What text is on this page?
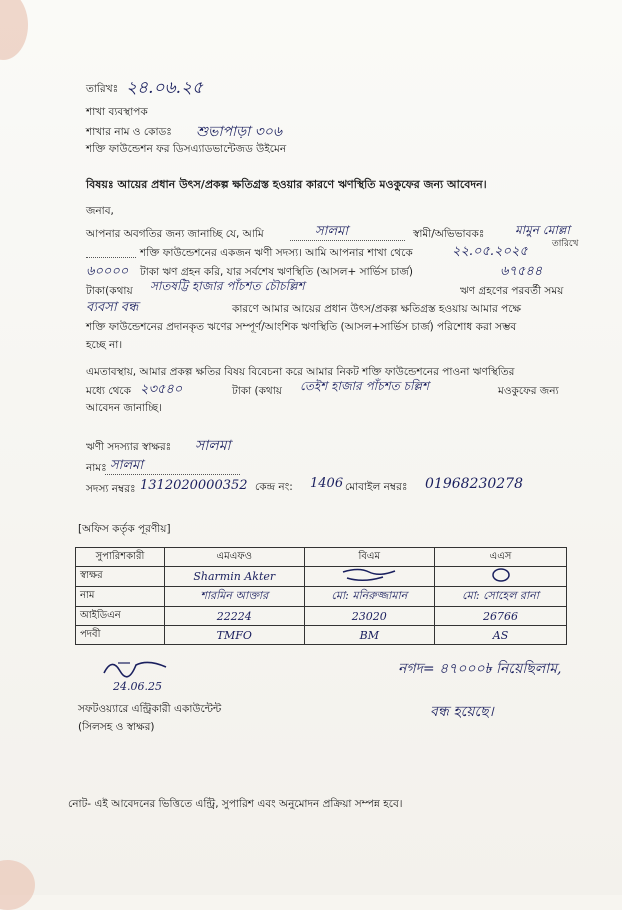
তারিখঃ ২৪.০৬.২৫
শাখা ব্যবস্থাপক
শাখার নাম ও কোডঃ শুভাপাড়া ৩০৬
শক্তি ফাউন্ডেশন ফর ডিসএ্যাডভান্টেজড উইমেন
বিষয়ঃ আয়ের প্রধান উৎস/প্রকল্প ক্ষতিগ্রস্ত হওয়ার কারণে ঋণস্থিতি মওকুফের জন্য আবেদন।
জনাব,
আপনার অবগতির জন্য জানাচ্ছি যে, আমি	সালমা	স্বামী/অভিভাবকঃ	মামুন মোল্লা
শক্তি ফাউন্ডেশনের একজন ঋণী সদস্য। আমি আপনার শাখা থেকে	২২.০৫.২০২৫	তারিখে
৬০০০০ টাকা ঋণ গ্রহন করি, যার সর্বশেষ ঋণস্থিতি (আসল+ সার্ভিস চার্জ)	৬৭৫৪৪
টাকা(কথায় সাতষট্টি হাজার পাঁচশত চৌচল্লিশ	ঋণ গ্রহণের পরবর্তী সময়
ব্যবসা বন্ধ	কারণে আমার আয়ের প্রধান উৎস/প্রকল্প ক্ষতিগ্রস্ত হওয়ায় আমার পক্ষে
শক্তি ফাউন্ডেশনের প্রদানকৃত ঋণের সম্পূর্ণ/আংশিক ঋণস্থিতি (আসল+সার্ভিস চার্জ) পরিশোধ করা সম্ভব
হচ্ছে না।
এমতাবস্থায়, আমার প্রকল্প ক্ষতির বিষয় বিবেচনা করে আমার নিকট শক্তি ফাউন্ডেশনের পাওনা ঋণস্থিতির
মধ্যে থেকে ২৩৫৪০	টাকা (কথায় তেইশ হাজার পাঁচশত চল্লিশ	মওকুফের জন্য
আবেদন জানাচ্ছি।
ঋণী সদস্যার স্বাক্ষরঃ সালমা
নামঃ সালমা
সদস্য নম্বরঃ 1312020000352 কেন্দ্র নং: 1406 মোবাইল নম্বরঃ 01968230278
[অফিস কর্তৃক পূরণীয়]
সুপারিশকারী	এমএফও	বিএম	এএস
স্বাক্ষর	Sharmin Akter		
নাম	শারমিন আক্তার	মো: মনিরুজ্জামান	মো: সোহেল রানা
আইডিএন	22224	23020	26766
পদবী	TMFO	BM	AS
24.06.25
সফটওয়্যারে এন্ট্রিকারী একাউন্টেন্ট
(সিলসহ ও স্বাক্ষর)
নগদ= ৪৭০০০৳ নিয়েছিলাম,
বন্ধ হয়েছে।
নোট- এই আবেদনের ভিত্তিতে এন্ট্রি, সুপারিশ এবং অনুমোদন প্রক্রিয়া সম্পন্ন হবে।
